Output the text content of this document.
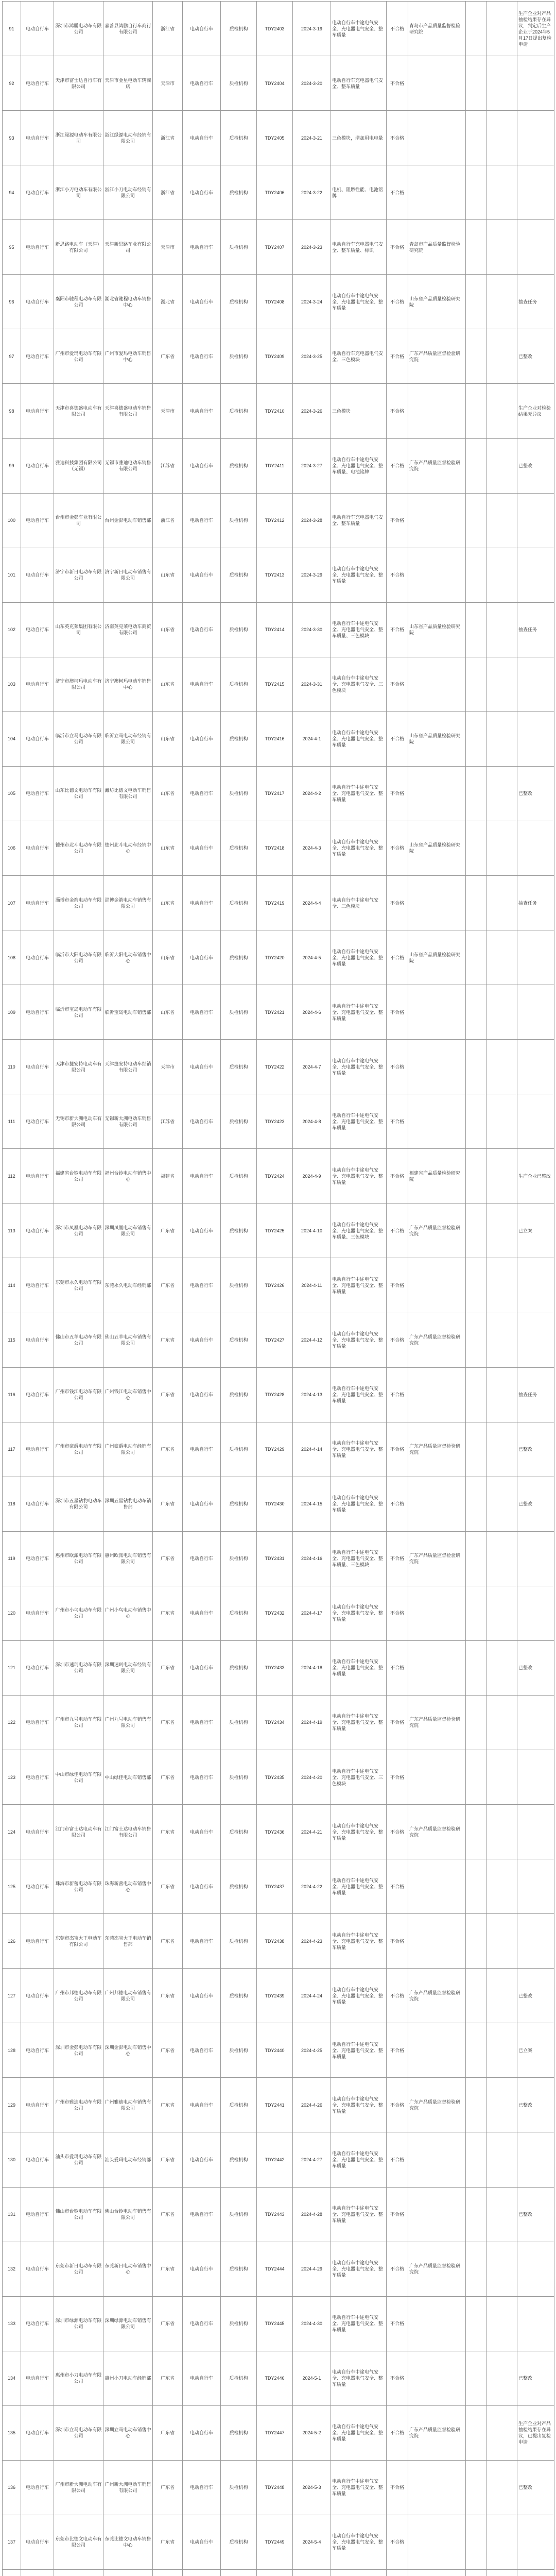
91	电动自行车	深圳市鸿鹏电动车有限公司	嘉善县鸿鹏自行车商行有限公司	浙江省	电动自行车	质检机构	TDY2403	2024-3-19	电动自行车中途电气安全、充电器电气安全、整车质量	不合格	青岛市产品质量监督检验研究院			生产企业对产品抽检结果存在异议，判定后生产企业于2024年5月17日提出复检申请
92	电动自行车	天津市富士达自行车有限公司	天津市金星电动车辆商店	天津市	电动自行车	质检机构	TDY2404	2024-3-20	电动自行车充电器电气安全、整车质量	不合格				
93	电动自行车	浙江绿源电动车有限公司	浙江绿源电动车经销有限公司	浙江省	电动自行车	质检机构	TDY2405	2024-3-21	三色模块，增加用电电量	不合格				
94	电动自行车	浙江小刀电动车有限公司	浙江小刀电动车经销有限公司	浙江省	电动自行车	质检机构	TDY2406	2024-3-22	电机、阻燃性能、电池铭牌	不合格				
95	电动自行车	新思路电动车（天津）有限公司	天津新思路车业有限公司	天津市	电动自行车	质检机构	TDY2407	2024-3-23	电动自行车充电器电气安全、整车质量、标识	不合格	青岛市产品质量监督检验研究院			
96	电动自行车	襄阳市驰程电动车有限公司	湖北省驰程电动车销售中心	湖北省	电动自行车	质检机构	TDY2408	2024-3-24	电动自行车中途电气安全、充电器电气安全、整车质量	不合格	山东省产品质量检验研究院			抽查任务
97	电动自行车	广州市爱玛电动车有限公司	广州市爱玛电动车销售中心	广东省	电动自行车	质检机构	TDY2409	2024-3-25	电动自行车充电器电气安全、三色模块	不合格	广东产品质量监督检验研究院			已整改
98	电动自行车	天津市喜德盛电动车有限公司	天津喜德盛电动车销售有限公司	天津市	电动自行车	质检机构	TDY2410	2024-3-26	三色模块	不合格				生产企业对检验结果无异议
99	电动自行车	雅迪科技集团有限公司（无锡）	无锡市雅迪电动车销售有限公司	江苏省	电动自行车	质检机构	TDY2411	2024-3-27	电动自行车中途电气安全、充电器电气安全、整车质量、电池铭牌	不合格	广东产品质量监督检验研究院			已整改
100	电动自行车	台州市金彭车业有限公司	台州金彭电动车销售部	浙江省	电动自行车	质检机构	TDY2412	2024-3-28	电动自行车充电器电气安全、整车质量	不合格				
101	电动自行车	济宁市新日电动车有限公司	济宁新日电动车销售有限公司	山东省	电动自行车	质检机构	TDY2413	2024-3-29	电动自行车中途电气安全、充电器电气安全、整车质量	不合格				
102	电动自行车	山东英克莱集团有限公司	济南英克莱电动车商贸有限公司	山东省	电动自行车	质检机构	TDY2414	2024-3-30	电动自行车中途电气安全、充电器电气安全、整车质量、三色模块	不合格	山东省产品质量检验研究院			抽查任务
103	电动自行车	济宁市澳柯玛电动车有限公司	济宁澳柯玛电动车销售中心	山东省	电动自行车	质检机构	TDY2415	2024-3-31	电动自行车中途电气安全、充电器电气安全、三色模块	不合格				
104	电动自行车	临沂市立马电动车有限公司	临沂立马电动车经销有限公司	山东省	电动自行车	质检机构	TDY2416	2024-4-1	电动自行车中途电气安全、充电器电气安全、整车质量	不合格	山东省产品质量检验研究院			
105	电动自行车	山东比德文电动车有限公司	潍坊比德文电动车销售有限公司	山东省	电动自行车	质检机构	TDY2417	2024-4-2	电动自行车中途电气安全、充电器电气安全、整车质量	不合格				已整改
106	电动自行车	德州市北斗电动车有限公司	德州北斗电动车经销中心	山东省	电动自行车	质检机构	TDY2418	2024-4-3	电动自行车中途电气安全、充电器电气安全、整车质量	不合格	山东省产品质量检验研究院			
107	电动自行车	淄博市金箭电动车有限公司	淄博金箭电动车销售有限公司	山东省	电动自行车	质检机构	TDY2419	2024-4-4	电动自行车中途电气安全、三色模块	不合格				抽查任务
108	电动自行车	临沂市大阳电动车有限公司	临沂大阳电动车销售中心	山东省	电动自行车	质检机构	TDY2420	2024-4-5	电动自行车中途电气安全、充电器电气安全、整车质量	不合格	山东省产品质量检验研究院			
109	电动自行车	临沂市宝岛电动车有限公司	临沂宝岛电动车销售部	山东省	电动自行车	质检机构	TDY2421	2024-4-6	电动自行车中途电气安全、充电器电气安全、整车质量	不合格				
110	电动自行车	天津市捷安特电动车有限公司	天津捷安特电动车经销有限公司	天津市	电动自行车	质检机构	TDY2422	2024-4-7	电动自行车中途电气安全、充电器电气安全、整车质量	不合格				
111	电动自行车	无锡市新大洲电动车有限公司	无锡新大洲电动车销售有限公司	江苏省	电动自行车	质检机构	TDY2423	2024-4-8	电动自行车中途电气安全、充电器电气安全、整车质量	不合格				
112	电动自行车	福建省台铃电动车有限公司	福州台铃电动车销售中心	福建省	电动自行车	质检机构	TDY2424	2024-4-9	电动自行车中途电气安全、充电器电气安全、整车质量	不合格	福建省产品质量检验研究院			生产企业已整改
113	电动自行车	深圳市凤凰电动车有限公司	深圳凤凰电动车销售有限公司	广东省	电动自行车	质检机构	TDY2425	2024-4-10	电动自行车中途电气安全、充电器电气安全、整车质量、三色模块	不合格	广东产品质量监督检验研究院			已立案
114	电动自行车	东莞市永久电动车有限公司	东莞永久电动车经销部	广东省	电动自行车	质检机构	TDY2426	2024-4-11	电动自行车中途电气安全、充电器电气安全、整车质量	不合格				
115	电动自行车	佛山市五羊电动车有限公司	佛山五羊电动车销售有限公司	广东省	电动自行车	质检机构	TDY2427	2024-4-12	电动自行车中途电气安全、充电器电气安全、整车质量	不合格	广东产品质量监督检验研究院			
116	电动自行车	广州市钱江电动车有限公司	广州钱江电动车销售中心	广东省	电动自行车	质检机构	TDY2428	2024-4-13	电动自行车中途电气安全、充电器电气安全、整车质量	不合格				抽查任务
117	电动自行车	广州市豪爵电动车有限公司	广州豪爵电动车经销有限公司	广东省	电动自行车	质检机构	TDY2429	2024-4-14	电动自行车中途电气安全、充电器电气安全、整车质量	不合格	广东产品质量监督检验研究院			已整改
118	电动自行车	深圳市五星钻豹电动车有限公司	深圳五星钻豹电动车销售部	广东省	电动自行车	质检机构	TDY2430	2024-4-15	电动自行车中途电气安全、充电器电气安全、整车质量	不合格				已整改
119	电动自行车	惠州市欧派电动车有限公司	惠州欧派电动车销售有限公司	广东省	电动自行车	质检机构	TDY2431	2024-4-16	电动自行车中途电气安全、充电器电气安全、整车质量、三色模块	不合格	广东产品质量监督检验研究院			
120	电动自行车	广州市小鸟电动车有限公司	广州小鸟电动车销售中心	广东省	电动自行车	质检机构	TDY2432	2024-4-17	电动自行车中途电气安全、充电器电气安全、整车质量	不合格				
121	电动自行车	深圳市速珂电动车有限公司	深圳速珂电动车经销有限公司	广东省	电动自行车	质检机构	TDY2433	2024-4-18	电动自行车中途电气安全、充电器电气安全、整车质量	不合格				已整改
122	电动自行车	广州市九号电动车有限公司	广州九号电动车销售有限公司	广东省	电动自行车	质检机构	TDY2434	2024-4-19	电动自行车中途电气安全、充电器电气安全、整车质量	不合格	广东产品质量监督检验研究院			
123	电动自行车	中山市绿佳电动车有限公司	中山绿佳电动车销售部	广东省	电动自行车	质检机构	TDY2435	2024-4-20	电动自行车中途电气安全、充电器电气安全、三色模块	不合格				
124	电动自行车	江门市富士达电动车有限公司	江门富士达电动车销售有限公司	广东省	电动自行车	质检机构	TDY2436	2024-4-21	电动自行车中途电气安全、充电器电气安全、整车质量	不合格	广东产品质量监督检验研究院			
125	电动自行车	珠海市新蕾电动车有限公司	珠海新蕾电动车销售中心	广东省	电动自行车	质检机构	TDY2437	2024-4-22	电动自行车中途电气安全、充电器电气安全、整车质量	不合格				
126	电动自行车	东莞市杰宝大王电动车有限公司	东莞杰宝大王电动车销售部	广东省	电动自行车	质检机构	TDY2438	2024-4-23	电动自行车中途电气安全、充电器电气安全、整车质量	不合格				
127	电动自行车	广州市邦德电动车有限公司	广州邦德电动车销售有限公司	广东省	电动自行车	质检机构	TDY2439	2024-4-24	电动自行车中途电气安全、充电器电气安全、整车质量	不合格	广东产品质量监督检验研究院			已整改
128	电动自行车	深圳市金彭电动车有限公司	深圳金彭电动车销售中心	广东省	电动自行车	质检机构	TDY2440	2024-4-25	电动自行车中途电气安全、充电器电气安全、整车质量	不合格				已立案
129	电动自行车	广州市雅迪电动车有限公司	广州雅迪电动车销售有限公司	广东省	电动自行车	质检机构	TDY2441	2024-4-26	电动自行车中途电气安全、充电器电气安全、整车质量	不合格	广东产品质量监督检验研究院			已整改
130	电动自行车	汕头市爱玛电动车有限公司	汕头爱玛电动车经销部	广东省	电动自行车	质检机构	TDY2442	2024-4-27	电动自行车中途电气安全、充电器电气安全、整车质量	不合格				
131	电动自行车	佛山市台铃电动车有限公司	佛山台铃电动车销售有限公司	广东省	电动自行车	质检机构	TDY2443	2024-4-28	电动自行车中途电气安全、充电器电气安全、整车质量	不合格				已整改
132	电动自行车	东莞市新日电动车有限公司	东莞新日电动车销售中心	广东省	电动自行车	质检机构	TDY2444	2024-4-29	电动自行车中途电气安全、充电器电气安全、整车质量	不合格	广东产品质量监督检验研究院			
133	电动自行车	深圳市绿源电动车有限公司	深圳绿源电动车销售有限公司	广东省	电动自行车	质检机构	TDY2445	2024-4-30	电动自行车中途电气安全、充电器电气安全、整车质量	不合格				
134	电动自行车	惠州市小刀电动车有限公司	惠州小刀电动车经销部	广东省	电动自行车	质检机构	TDY2446	2024-5-1	电动自行车中途电气安全、充电器电气安全、整车质量	不合格				已整改
135	电动自行车	深圳市立马电动车有限公司	深圳立马电动车销售中心	广东省	电动自行车	质检机构	TDY2447	2024-5-2	电动自行车中途电气安全、充电器电气安全、整车质量	不合格	广东产品质量监督检验研究院			生产企业对产品抽检结果存在异议，已提出复检申请
136	电动自行车	广州市新大洲电动车有限公司	广州新大洲电动车销售有限公司	广东省	电动自行车	质检机构	TDY2448	2024-5-3	电动自行车中途电气安全、充电器电气安全、整车质量	不合格				已整改
137	电动自行车	东莞市比德文电动车有限公司	东莞比德文电动车销售中心	广东省	电动自行车	质检机构	TDY2449	2024-5-4	电动自行车中途电气安全、充电器电气安全、整车质量	不合格				
